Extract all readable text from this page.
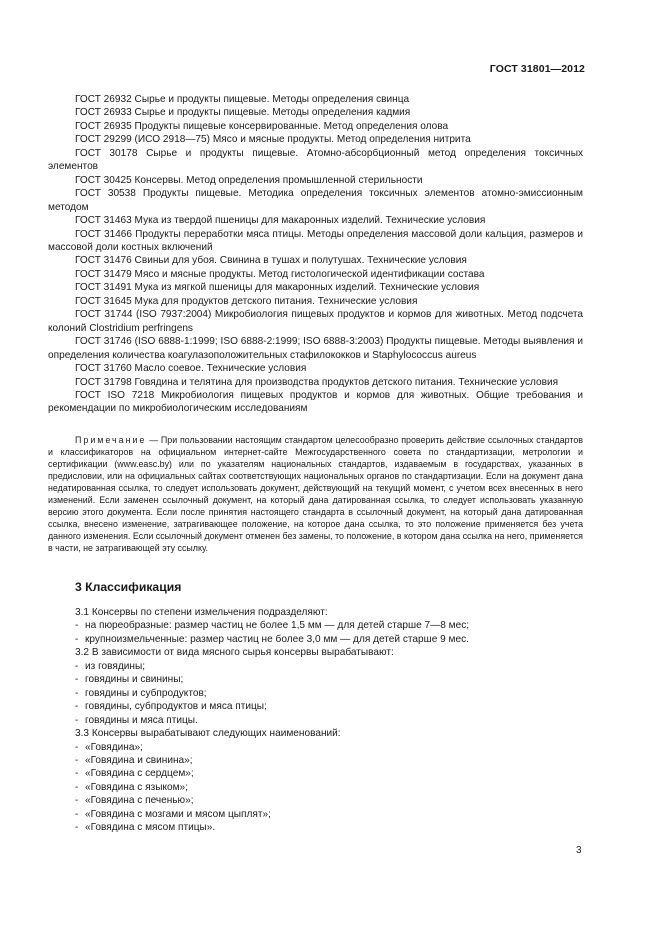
ГОСТ 31801—2012

ГОСТ 26932 Сырье и продукты пищевые. Методы определения свинца

ГОСТ 26933 Сырье и продукты пищевые. Методы определения кадмия

ГОСТ 26935 Продукты пищевые консервированные. Метод определения олова

ГОСТ 29299 (ИСО 2918—75) Мясо и мясные продукты. Метод определения нитрита

ГОСТ 30178 Сырье и продукты пищевые. Атомно-абсорбционный метод определения токсичных элементов

ГОСТ 30425 Консервы. Метод определения промышленной стерильности

ГОСТ 30538 Продукты пищевые. Методика определения токсичных элементов атомно-эмиссионным методом

ГОСТ 31463 Мука из твердой пшеницы для макаронных изделий. Технические условия

ГОСТ 31466 Продукты переработки мяса птицы. Методы определения массовой доли кальция, размеров и массовой доли костных включений

ГОСТ 31476 Свиньи для убоя. Свинина в тушах и полутушах. Технические условия

ГОСТ 31479 Мясо и мясные продукты. Метод гистологической идентификации состава

ГОСТ 31491 Мука из мягкой пшеницы для макаронных изделий. Технические условия

ГОСТ 31645 Мука для продуктов детского питания. Технические условия

ГОСТ 31744 (ISO 7937:2004) Микробиология пищевых продуктов и кормов для животных. Метод подсчета колоний Clostridium perfringens

ГОСТ 31746 (ISO 6888-1:1999; ISO 6888-2:1999; ISO 6888-3:2003) Продукты пищевые. Методы выявления и определения количества коагулазоположительных стафилококков и Staphylococcus aureus

ГОСТ 31760 Масло соевое. Технические условия

ГОСТ 31798 Говядина и телятина для производства продуктов детского питания. Технические условия

ГОСТ ISO 7218 Микробиология пищевых продуктов и кормов для животных. Общие требования и рекомендации по микробиологическим исследованиям

Примечание — При пользовании настоящим стандартом целесообразно проверить действие ссылочных стандартов и классификаторов на официальном интернет-сайте Межгосударственного совета по стандартизации, метрологии и сертификации (www.easc.by) или по указателям национальных стандартов, издаваемым в государствах, указанных в предисловии, или на официальных сайтах соответствующих национальных органов по стандартизации. Если на документ дана недатированная ссылка, то следует использовать документ, действующий на текущий момент, с учетом всех внесенных в него изменений. Если заменен ссылочный документ, на который дана датированная ссылка, то следует использовать указанную версию этого документа. Если после принятия настоящего стандарта в ссылочный документ, на который дана датированная ссылка, внесено изменение, затрагивающее положение, на которое дана ссылка, то это положение применяется без учета данного изменения. Если ссылочный документ отменен без замены, то положение, в котором дана ссылка на него, применяется в части, не затрагивающей эту ссылку.
3 Классификация
3.1 Консервы по степени измельчения подразделяют:
- на пюреобразные: размер частиц не более 1,5 мм — для детей старше 7—8 мес;
- крупноизмельченные: размер частиц не более 3,0 мм — для детей старше 9 мес.
3.2 В зависимости от вида мясного сырья консервы вырабатывают:
- из говядины;
- говядины и свинины;
- говядины и субпродуктов;
- говядины, субпродуктов и мяса птицы;
- говядины и мяса птицы.
3.3 Консервы вырабатывают следующих наименований:
- «Говядина»;
- «Говядина и свинина»;
- «Говядина с сердцем»;
- «Говядина с языком»;
- «Говядина с печенью»;
- «Говядина с мозгами и мясом цыплят»;
- «Говядина с мясом птицы».
3
